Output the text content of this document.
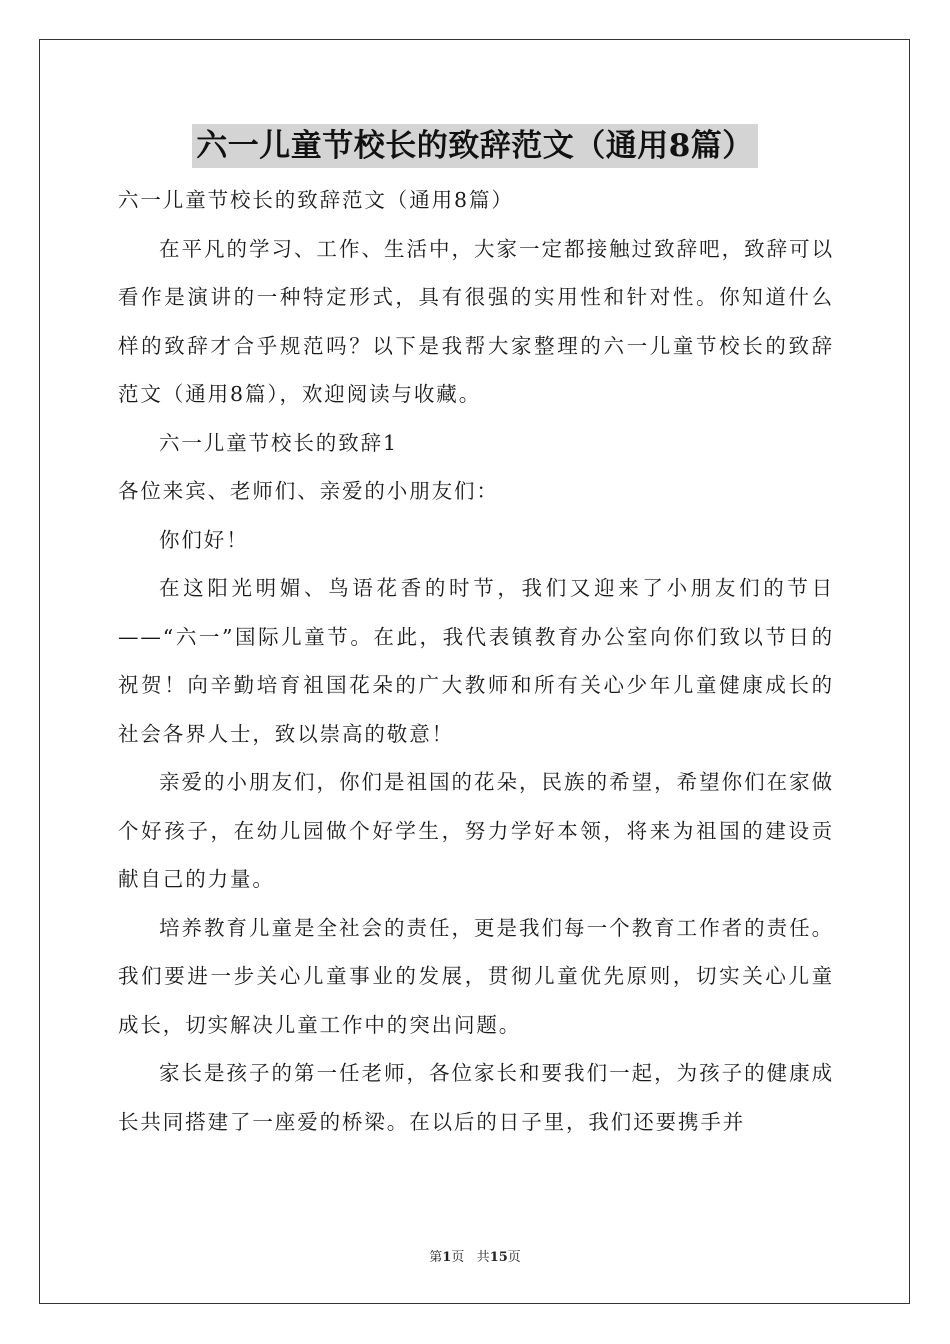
六一儿童节校长的致辞范文（通用8篇）

六一儿童节校长的致辞范文（通用8篇）

在平凡的学习、工作、生活中，大家一定都接触过致辞吧，致辞可以看作是演讲的一种特定形式，具有很强的实用性和针对性。你知道什么样的致辞才合乎规范吗？以下是我帮大家整理的六一儿童节校长的致辞范文（通用8篇），欢迎阅读与收藏。

六一儿童节校长的致辞1

各位来宾、老师们、亲爱的小朋友们：

你们好！

在这阳光明媚、鸟语花香的时节，我们又迎来了小朋友们的节日——“六一”国际儿童节。在此，我代表镇教育办公室向你们致以节日的祝贺！向辛勤培育祖国花朵的广大教师和所有关心少年儿童健康成长的社会各界人士，致以崇高的敬意！

亲爱的小朋友们，你们是祖国的花朵，民族的希望，希望你们在家做个好孩子，在幼儿园做个好学生，努力学好本领，将来为祖国的建设贡献自己的力量。

培养教育儿童是全社会的责任，更是我们每一个教育工作者的责任。我们要进一步关心儿童事业的发展，贯彻儿童优先原则，切实关心儿童成长，切实解决儿童工作中的突出问题。

家长是孩子的第一任老师，各位家长和要我们一起，为孩子的健康成长共同搭建了一座爱的桥梁。在以后的日子里，我们还要携手并

第1页 共15页
